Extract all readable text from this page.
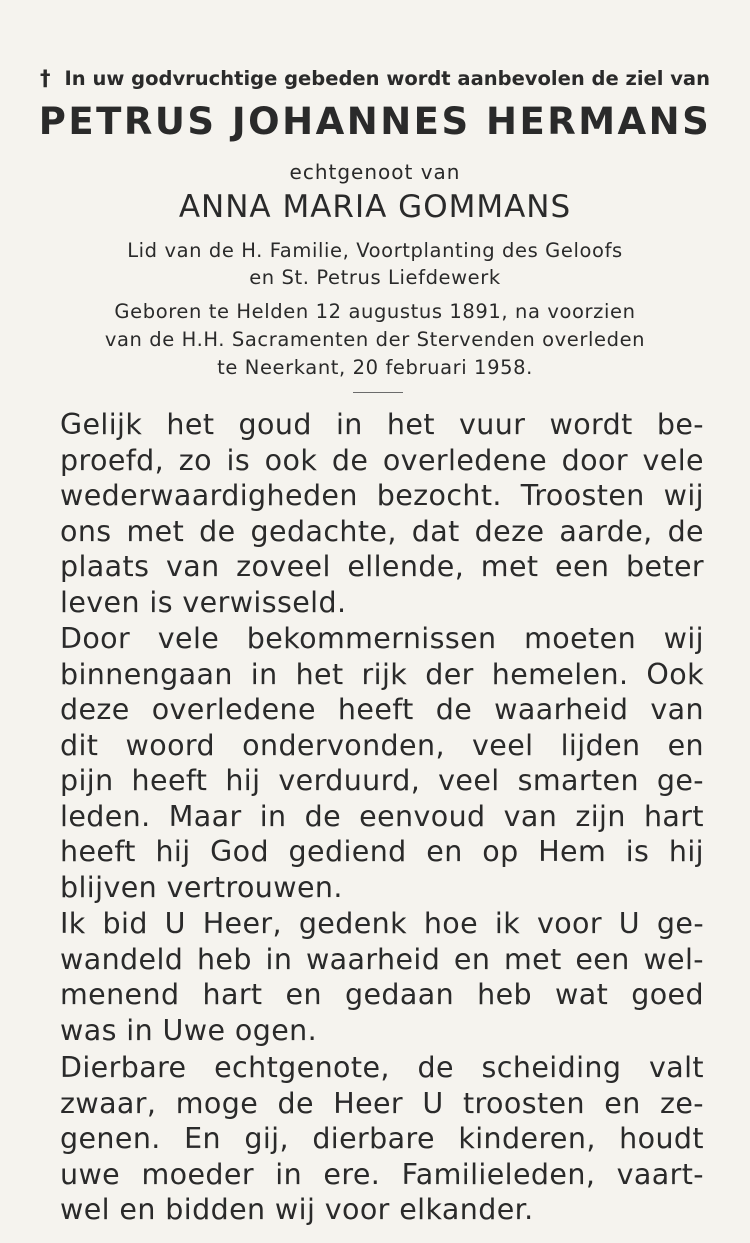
† In uw godvruchtige gebeden wordt aanbevolen de ziel van
PETRUS JOHANNES HERMANS
echtgenoot van
ANNA MARIA GOMMANS
Lid van de H. Familie, Voortplanting des Geloofs
en St. Petrus Liefdewerk
Geboren te Helden 12 augustus 1891, na voorzien
van de H.H. Sacramenten der Stervenden overleden
te Neerkant, 20 februari 1958.
Gelijk het goud in het vuur wordt be-
proefd, zo is ook de overledene door vele
wederwaardigheden bezocht. Troosten wij
ons met de gedachte, dat deze aarde, de
plaats van zoveel ellende, met een beter
leven is verwisseld.
Door vele bekommernissen moeten wij
binnengaan in het rijk der hemelen. Ook
deze overledene heeft de waarheid van
dit woord ondervonden, veel lijden en
pijn heeft hij verduurd, veel smarten ge-
leden. Maar in de eenvoud van zijn hart
heeft hij God gediend en op Hem is hij
blijven vertrouwen.
Ik bid U Heer, gedenk hoe ik voor U ge-
wandeld heb in waarheid en met een wel-
menend hart en gedaan heb wat goed
was in Uwe ogen.
Dierbare echtgenote, de scheiding valt
zwaar, moge de Heer U troosten en ze-
genen. En gij, dierbare kinderen, houdt
uwe moeder in ere. Familieleden, vaart-
wel en bidden wij voor elkander.
